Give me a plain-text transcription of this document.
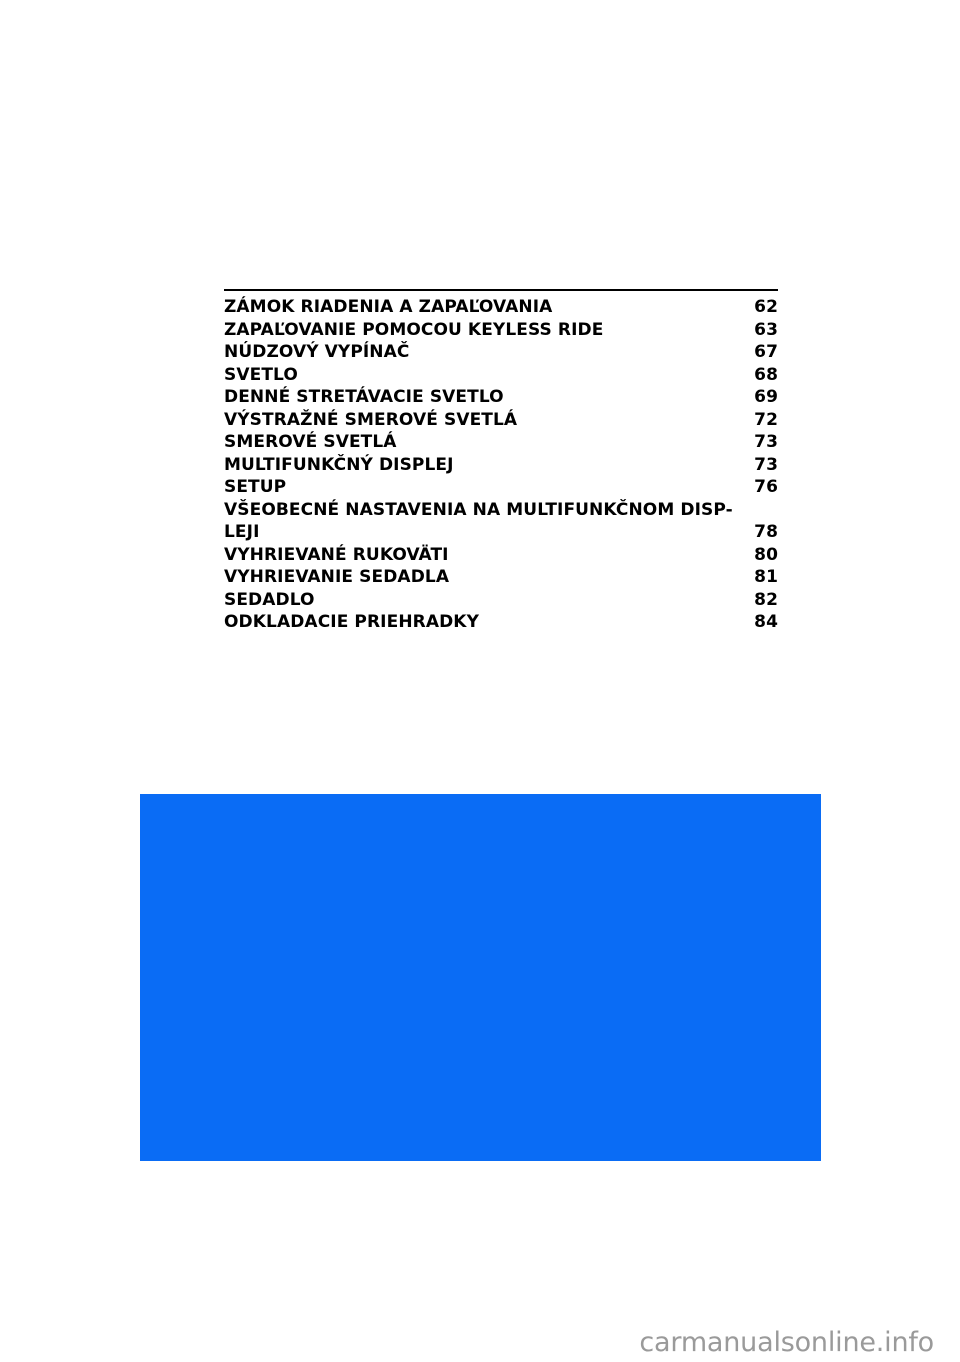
ZÁMOK RIADENIA A ZAPAĽOVANIA	62
ZAPAĽOVANIE POMOCOU KEYLESS RIDE	63
NÚDZOVÝ VYPÍNAČ	67
SVETLO	68
DENNÉ STRETÁVACIE SVETLO	69
VÝSTRAŽNÉ SMEROVÉ SVETLÁ	72
SMEROVÉ SVETLÁ	73
MULTIFUNKČNÝ DISPLEJ	73
SETUP	76
VŠEOBECNÉ NASTAVENIA NA MULTIFUNKČNOM DISP-
LEJI	78
VYHRIEVANÉ RUKOVÄTI	80
VYHRIEVANIE SEDADLA	81
SEDADLO	82
ODKLADACIE PRIEHRADKY	84
carmanualsonline.info
